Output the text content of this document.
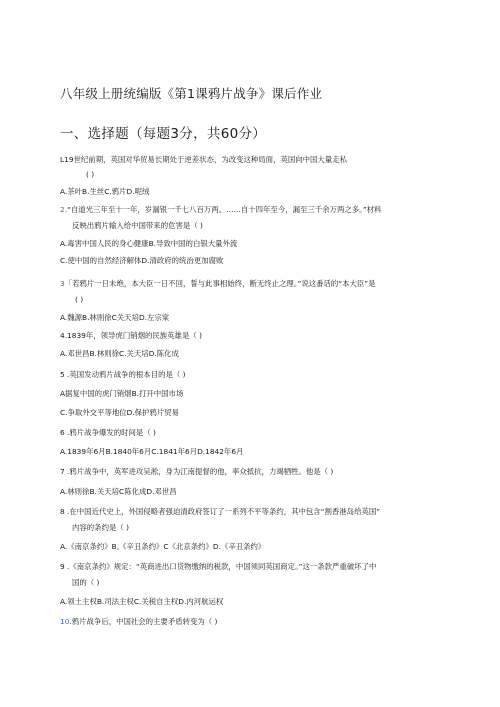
八年级上册统编版《第1课鸦片战争》课后作业
一、选择题（每题3分，共60分）
L19世纪前期，英国对华贸易长期处于逆差状态，为改变这种局面，英国向中国大量走私
( )
A.茶叶B.生丝C.鸦片D.呢绒
2.“自道光三年至十一年，岁漏银一千七八百万两。……自十四年至今，漏至三千余万两之多。”材料
反映出鸦片输入给中国带来的危害是（ )
A.毒害中国人民的身心健康B.导致中国的白银大量外流
C.使中国的自然经济解体D.清政府的统治更加腐败
3「若鸦片一日未绝，本大臣一日不回，誓与此事相始终，断无终止之理。”说这番话的“本大臣”是
( )
A.魏源B.林则徐C关天培D.左宗棠
4.1839年，领导虎门销烟的民族英雄是（ )
A.邓世昌B.林则徐C.关天培D.陈化成
5 .英国发动鸦片战争的根本目的是（ )
A据复中国的虎门销烟B.打开中国市场
C.争取外交平等地位D.保护鸦片贸易
6 .鸦片战争爆发的时间是（ )
A.1839年6月B.1840年6月C.1841年6月D.1842年6月
7 .鸦片战争中，英军进攻吴淞，身为江南提督的他，率众抵抗，力竭牺牲。他是（ )
A.林则徐B.关天培C陈化成D.邓世昌
8 .在中国近代史上，外国侵略者强迫清政府签订了一系列不平等条约，其中包含“割香港岛给英国”
内容的条约是（ )
A.《南京条约》B,《辛丑条约》C《北京条约》D.《辛丑条约》
9 .《南京条约》规定：“英商进出口货物缴纳的税款，中国须同英国商定。”这一条款严重破坏了中
国的（ )
A.领土主权B.司法主权C.关税自主权D.内河航运权
10.鸦片战争后，中国社会的主要矛盾转变为（ )
